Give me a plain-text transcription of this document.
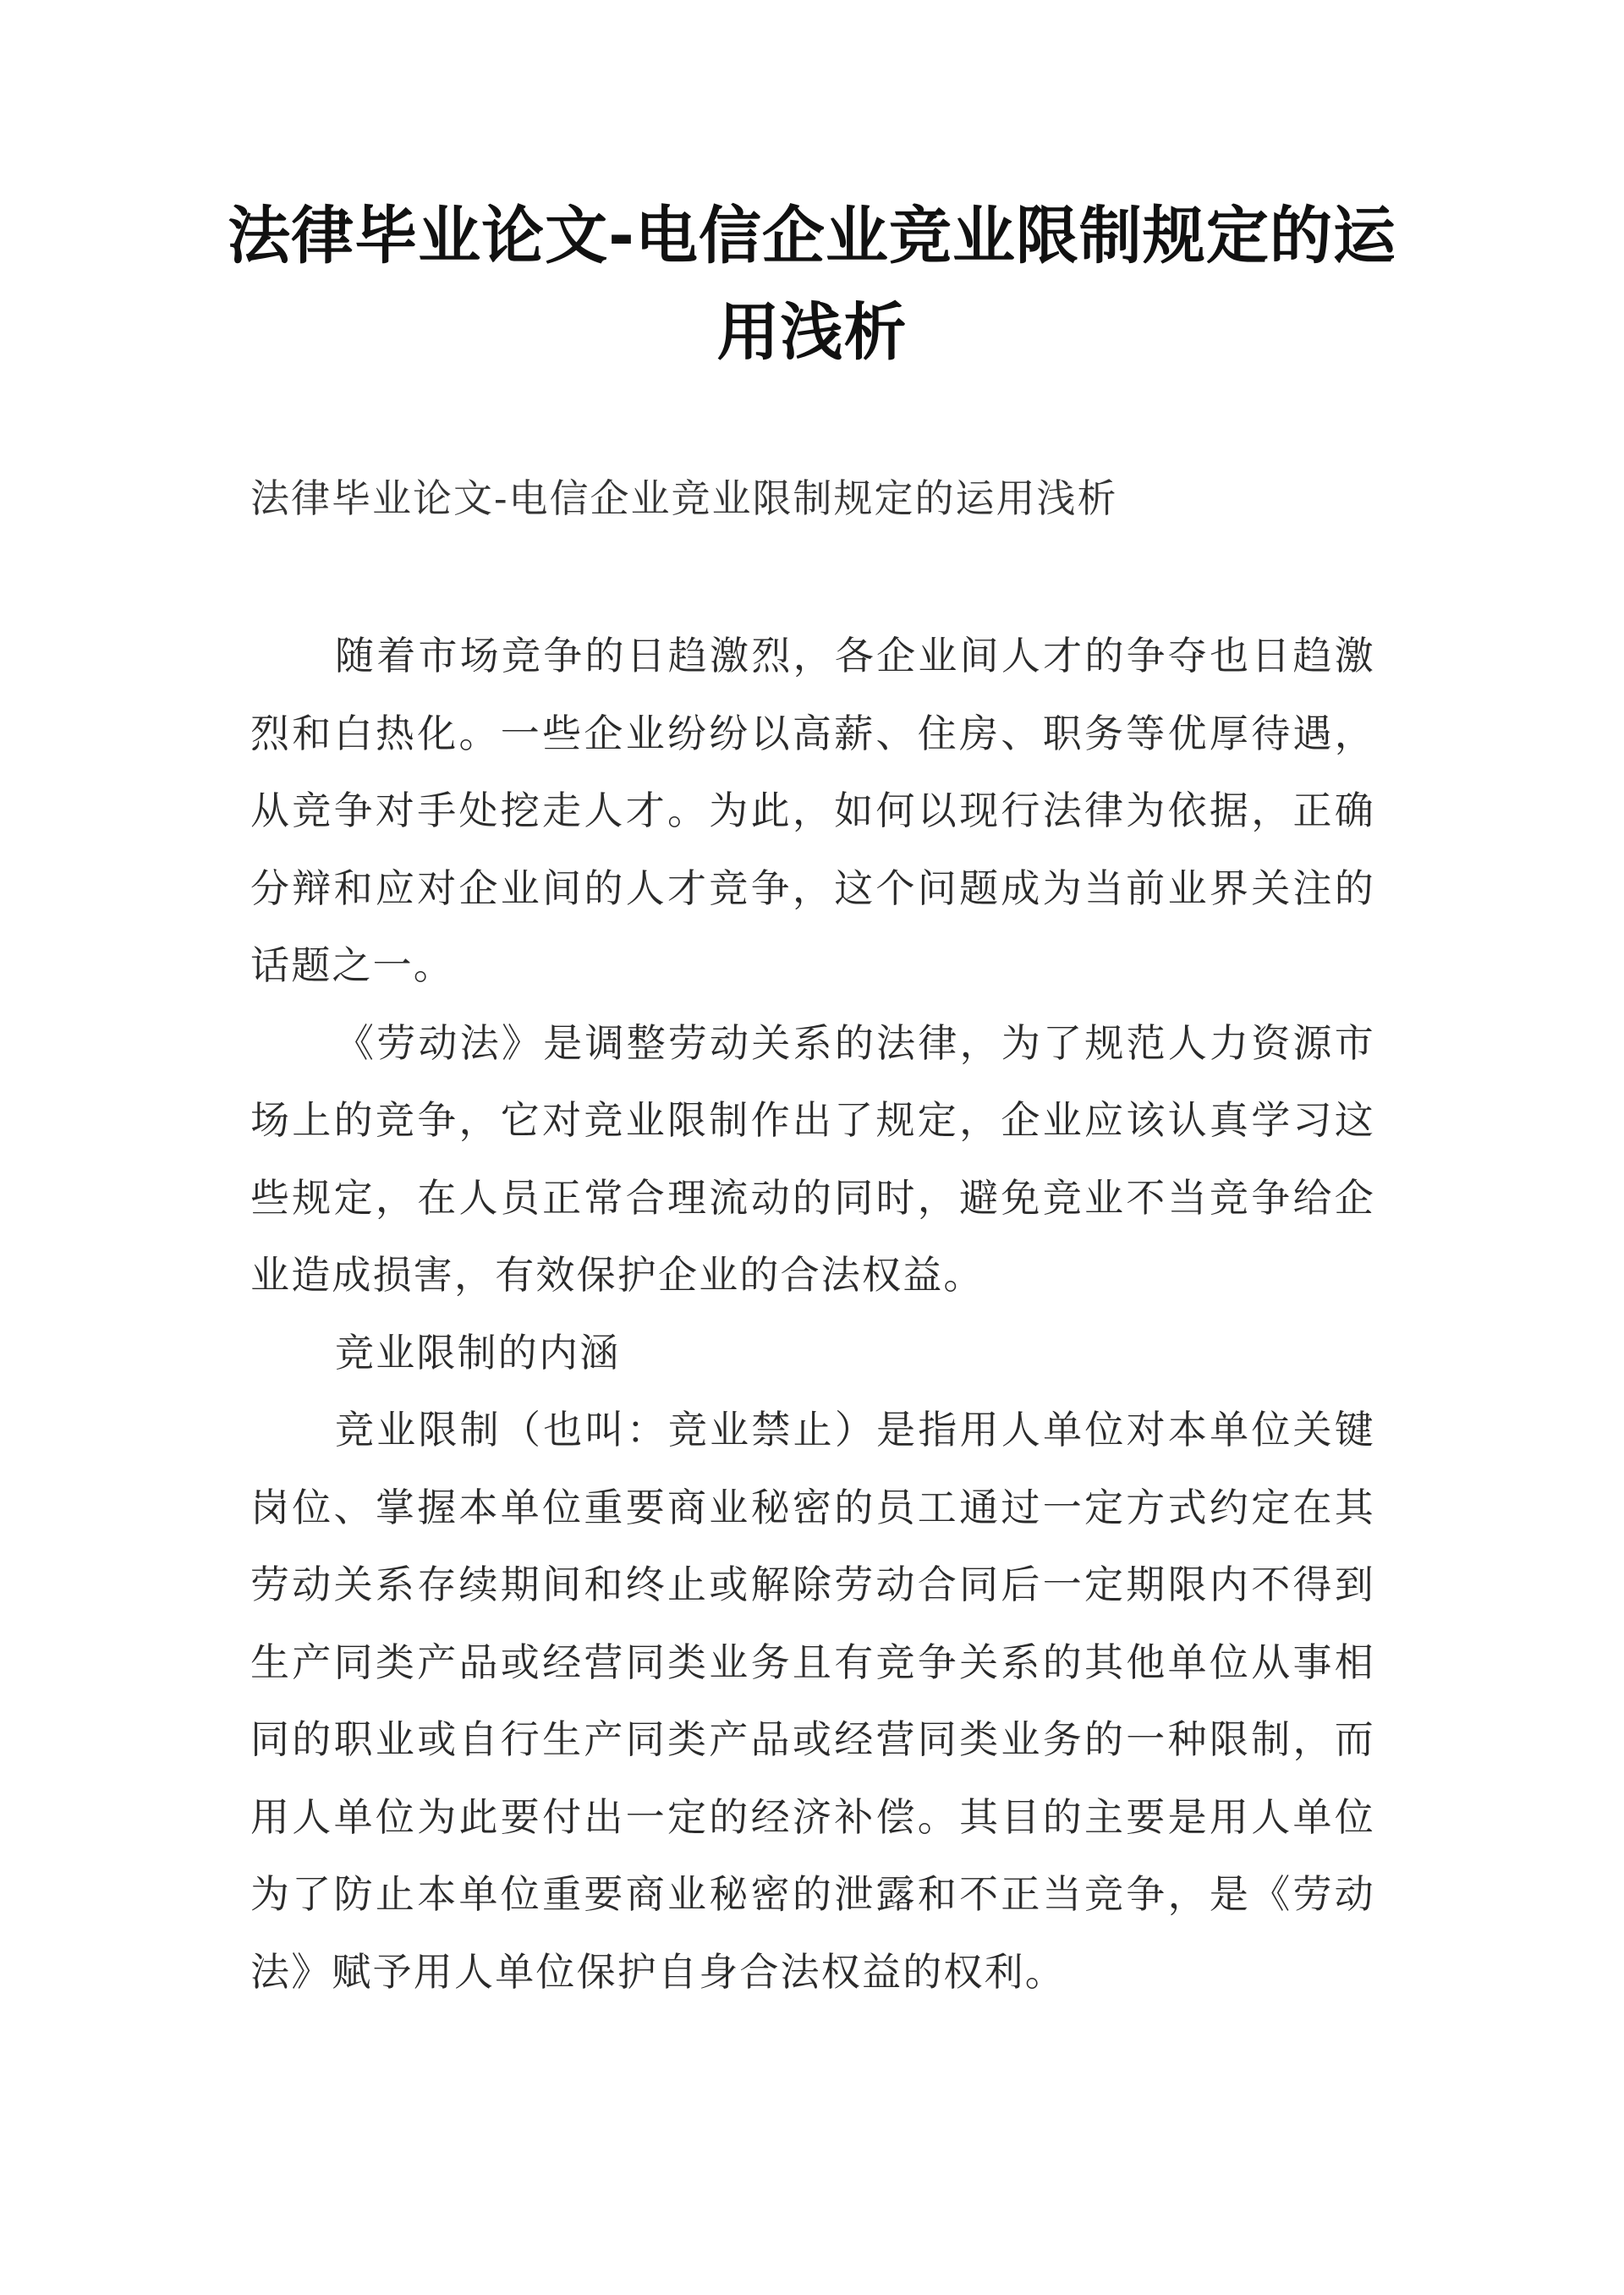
法律毕业论文-电信企业竞业限制规定的运用浅析

法律毕业论文-电信企业竞业限制规定的运用浅析

随着市场竞争的日趋激烈，各企业间人才的争夺也日趋激烈和白热化。一些企业纷纷以高薪、住房、职务等优厚待遇，从竞争对手处挖走人才。为此，如何以现行法律为依据，正确分辩和应对企业间的人才竞争，这个问题成为当前业界关注的话题之一。

《劳动法》是调整劳动关系的法律，为了规范人力资源市场上的竞争，它对竞业限制作出了规定，企业应该认真学习这些规定，在人员正常合理流动的同时，避免竞业不当竞争给企业造成损害，有效保护企业的合法权益。

竞业限制的内涵

竞业限制（也叫：竞业禁止）是指用人单位对本单位关键岗位、掌握本单位重要商业秘密的员工通过一定方式约定在其劳动关系存续期间和终止或解除劳动合同后一定期限内不得到生产同类产品或经营同类业务且有竞争关系的其他单位从事相同的职业或自行生产同类产品或经营同类业务的一种限制，而用人单位为此要付出一定的经济补偿。其目的主要是用人单位为了防止本单位重要商业秘密的泄露和不正当竞争，是《劳动法》赋予用人单位保护自身合法权益的权利。
